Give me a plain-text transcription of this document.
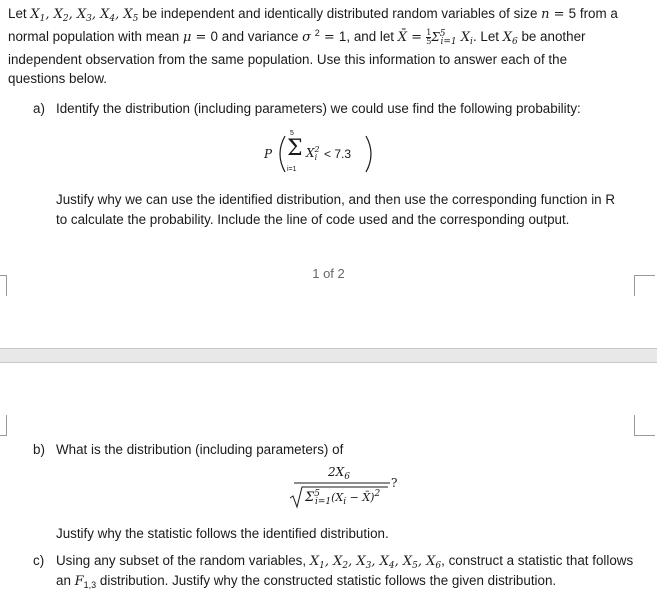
Let $X_1$, $X_2$, $X_3$, $X_4$, $X_5$ be independent and identically distributed random variables of size n = 5 from a
normal population with mean μ = 0 and variance σ $^2$ = 1, and let X̄ = $\frac{1}{5} \Sigma^5_{i=1}$ $X_i$. Let $X_6$ be another
independent observation from the same population. Use this information to answer each of the
questions below.
a) Identify the distribution (including parameters) we could use find the following probability:
P
5
Σ
i=1
$X^2_i < 7.3$
Justify why we can use the identified distribution, and then use the corresponding function in R
to calculate the probability. Include the line of code used and the corresponding output.
1 of 2
b) What is the distribution (including parameters) of
$2X_6$	?
$\Sigma^5_{i=1}(X_i$ − X̄)$^2$
Justify why the statistic follows the identified distribution.
c) Using any subset of the random variables, $X_1$, $X_2$, $X_3$, $X_4$, $X_5$, $X_6$, construct a statistic that follows
an $F_{1,3}$ distribution. Justify why the constructed statistic follows the given distribution.
